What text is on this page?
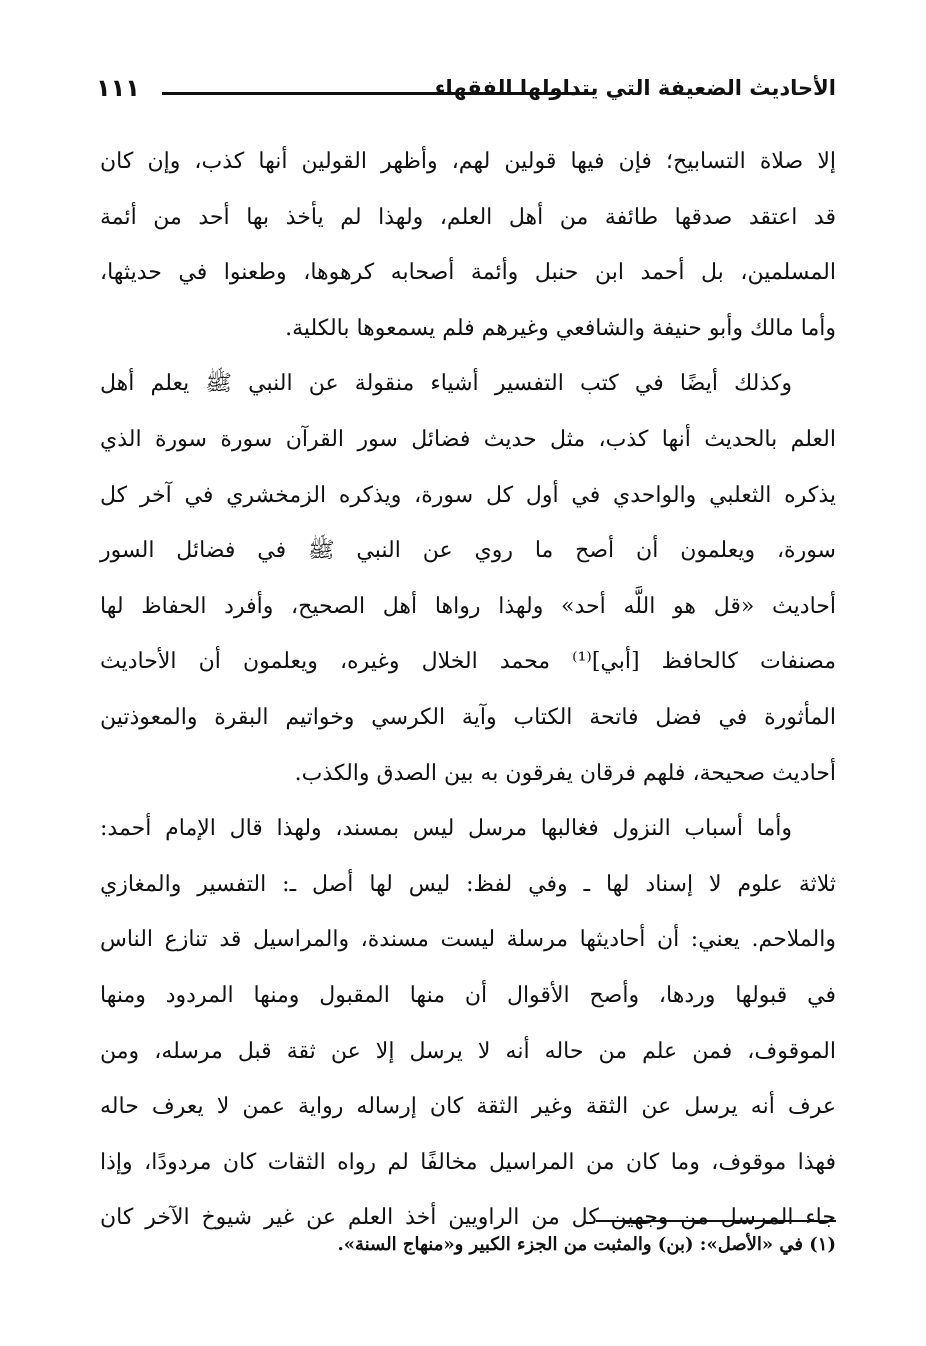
الأحاديث الضعيفة التي يتداولها الفقهاء
١١١
إلا صلاة التسابيح؛ فإن فيها قولين لهم، وأظهر القولين أنها كذب، وإن كان
قد اعتقد صدقها طائفة من أهل العلم، ولهذا لم يأخذ بها أحد من أئمة
المسلمين، بل أحمد ابن حنبل وأئمة أصحابه كرهوها، وطعنوا في حديثها،
وأما مالك وأبو حنيفة والشافعي وغيرهم فلم يسمعوها بالكلية.
وكذلك أيضًا في كتب التفسير أشياء منقولة عن النبي ﷺ يعلم أهل
العلم بالحديث أنها كذب، مثل حديث فضائل سور القرآن سورة سورة الذي
يذكره الثعلبي والواحدي في أول كل سورة، ويذكره الزمخشري في آخر كل
سورة، ويعلمون أن أصح ما روي عن النبي ﷺ في فضائل السور
أحاديث «قل هو اللَّه أحد» ولهذا رواها أهل الصحيح، وأفرد الحفاظ لها
مصنفات كالحافظ [أبي]⁽¹⁾ محمد الخلال وغيره، ويعلمون أن الأحاديث
المأثورة في فضل فاتحة الكتاب وآية الكرسي وخواتيم البقرة والمعوذتين
أحاديث صحيحة، فلهم فرقان يفرقون به بين الصدق والكذب.
وأما أسباب النزول فغالبها مرسل ليس بمسند، ولهذا قال الإمام أحمد:
ثلاثة علوم لا إسناد لها ـ وفي لفظ: ليس لها أصل ـ: التفسير والمغازي
والملاحم. يعني: أن أحاديثها مرسلة ليست مسندة، والمراسيل قد تنازع الناس
في قبولها وردها، وأصح الأقوال أن منها المقبول ومنها المردود ومنها
الموقوف، فمن علم من حاله أنه لا يرسل إلا عن ثقة قبل مرسله، ومن
عرف أنه يرسل عن الثقة وغير الثقة كان إرساله رواية عمن لا يعرف حاله
فهذا موقوف، وما كان من المراسيل مخالفًا لم رواه الثقات كان مردودًا، وإذا
جاء المرسل من وجهين كل من الراويين أخذ العلم عن غير شيوخ الآخر كان
(١) في «الأصل»: (بن) والمثبت من الجزء الكبير و«منهاج السنة».
